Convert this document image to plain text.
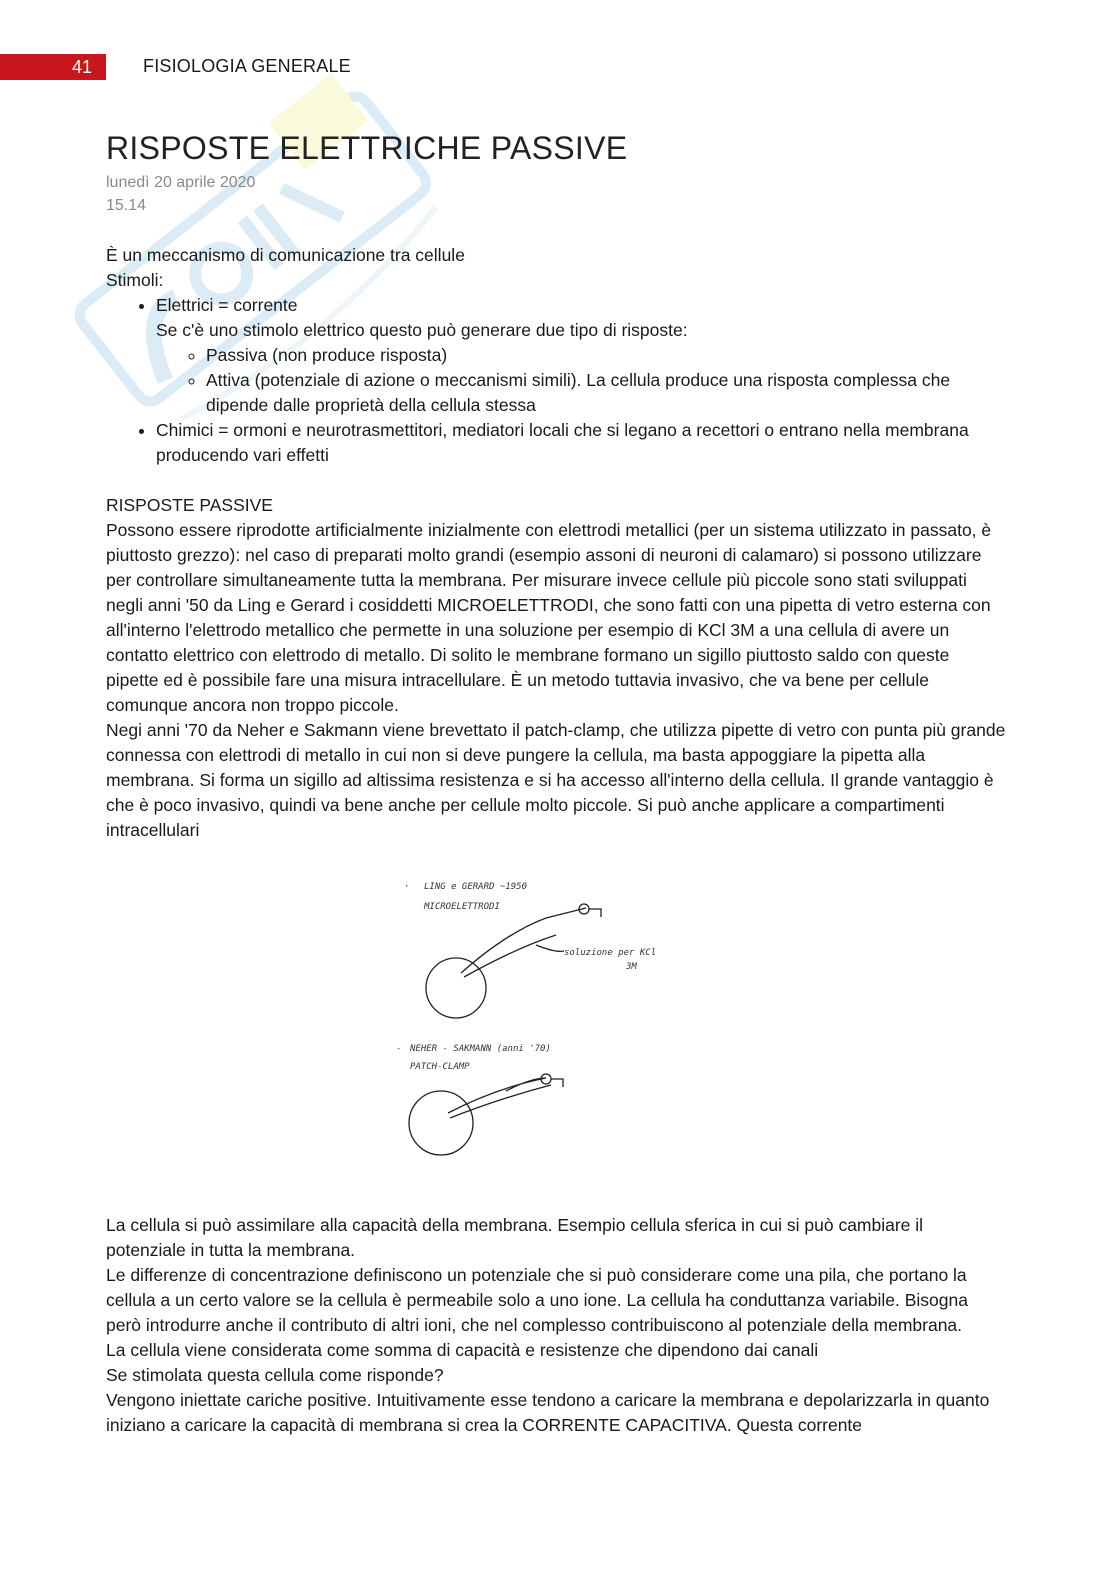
41	FISIOLOGIA GENERALE
RISPOSTE ELETTRICHE PASSIVE
lunedì 20 aprile 2020
15.14

È un meccanismo di comunicazione tra cellule

Stimoli:

• Elettrici = corrente
Se c'è uno stimolo elettrico questo può generare due tipo di risposte:
◦ Passiva (non produce risposta)
◦ Attiva (potenziale di azione o meccanismi simili). La cellula produce una risposta complessa che dipende dalle proprietà della cellula stessa
• Chimici = ormoni e neurotrasmettitori, mediatori locali che si legano a recettori o entrano nella membrana producendo vari effetti

RISPOSTE PASSIVE

Possono essere riprodotte artificialmente inizialmente con elettrodi metallici (per un sistema utilizzato in passato, è piuttosto grezzo): nel caso di preparati molto grandi (esempio assoni di neuroni di calamaro) si possono utilizzare per controllare simultaneamente tutta la membrana. Per misurare invece cellule più piccole sono stati sviluppati negli anni '50 da Ling e Gerard i cosiddetti MICROELETTRODI, che sono fatti con una pipetta di vetro esterna con all'interno l'elettrodo metallico che permette in una soluzione per esempio di KCl 3M a una cellula di avere un contatto elettrico con elettrodo di metallo. Di solito le membrane formano un sigillo piuttosto saldo con queste pipette ed è possibile fare una misura intracellulare. È un metodo tuttavia invasivo, che va bene per cellule comunque ancora non troppo piccole.

Negi anni '70 da Neher e Sakmann viene brevettato il patch-clamp, che utilizza pipette di vetro con punta più grande connessa con elettrodi di metallo in cui non si deve pungere la cellula, ma basta appoggiare la pipetta alla membrana. Si forma un sigillo ad altissima resistenza e si ha accesso all'interno della cellula. Il grande vantaggio è che è poco invasivo, quindi va bene anche per cellule molto piccole. Si può anche applicare a compartimenti intracellulari

· LING e GERARD ~1950
MICROELETTRODI
soluzione per KCl
3M
- NEHER - SAKMANN (anni '70)
PATCH-CLAMP

La cellula si può assimilare alla capacità della membrana. Esempio cellula sferica in cui si può cambiare il potenziale in tutta la membrana.

Le differenze di concentrazione definiscono un potenziale che si può considerare come una pila, che portano la cellula a un certo valore se la cellula è permeabile solo a uno ione. La cellula ha conduttanza variabile. Bisogna però introdurre anche il contributo di altri ioni, che nel complesso contribuiscono al potenziale della membrana.

La cellula viene considerata come somma di capacità e resistenze che dipendono dai canali

Se stimolata questa cellula come risponde?

Vengono iniettate cariche positive. Intuitivamente esse tendono a caricare la membrana e depolarizzarla in quanto iniziano a caricare la capacità di membrana si crea la CORRENTE CAPACITIVA. Questa corrente
